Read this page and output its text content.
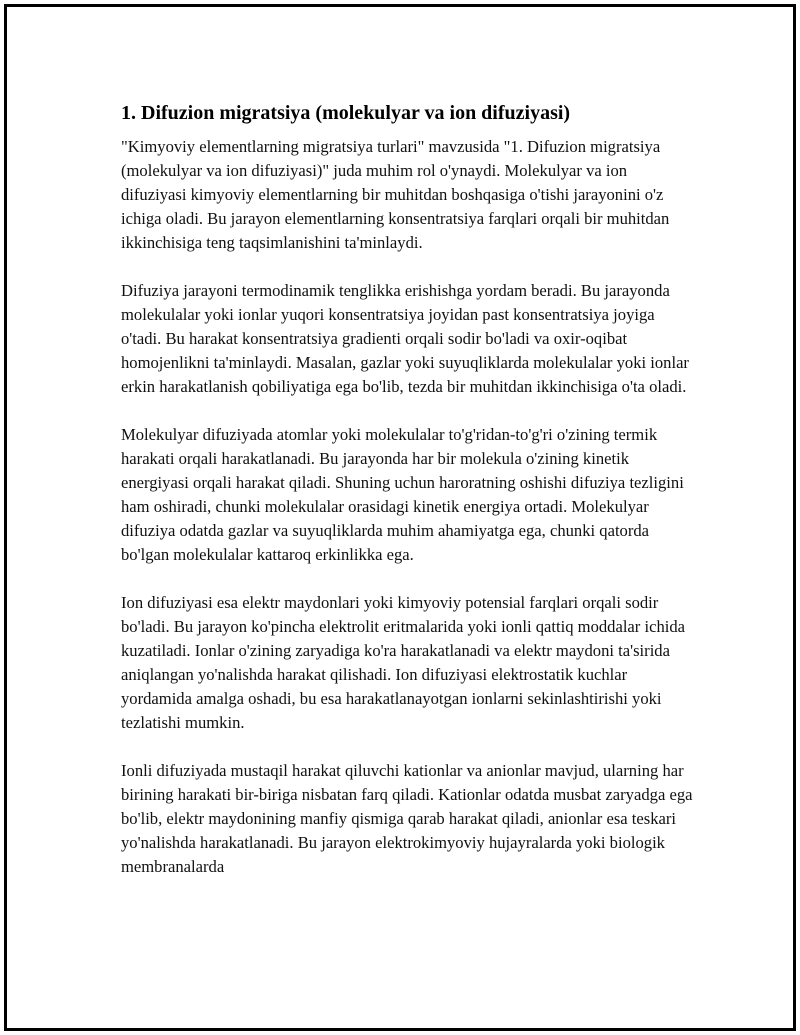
1. Difuzion migratsiya (molekulyar va ion difuziyasi)

"Kimyoviy elementlarning migratsiya turlari" mavzusida "1. Difuzion migratsiya (molekulyar va ion difuziyasi)" juda muhim rol o'ynaydi. Molekulyar va ion difuziyasi kimyoviy elementlarning bir muhitdan boshqasiga o'tishi jarayonini o'z ichiga oladi. Bu jarayon elementlarning konsentratsiya farqlari orqali bir muhitdan ikkinchisiga teng taqsimlanishini ta'minlaydi.

Difuziya jarayoni termodinamik tenglikka erishishga yordam beradi. Bu jarayonda molekulalar yoki ionlar yuqori konsentratsiya joyidan past konsentratsiya joyiga o'tadi. Bu harakat konsentratsiya gradienti orqali sodir bo'ladi va oxir-oqibat homojenlikni ta'minlaydi. Masalan, gazlar yoki suyuqliklarda molekulalar yoki ionlar erkin harakatlanish qobiliyatiga ega bo'lib, tezda bir muhitdan ikkinchisiga o'ta oladi.

Molekulyar difuziyada atomlar yoki molekulalar to'g'ridan-to'g'ri o'zining termik harakati orqali harakatlanadi. Bu jarayonda har bir molekula o'zining kinetik energiyasi orqali harakat qiladi. Shuning uchun haroratning oshishi difuziya tezligini ham oshiradi, chunki molekulalar orasidagi kinetik energiya ortadi. Molekulyar difuziya odatda gazlar va suyuqliklarda muhim ahamiyatga ega, chunki qatorda bo'lgan molekulalar kattaroq erkinlikka ega.

Ion difuziyasi esa elektr maydonlari yoki kimyoviy potensial farqlari orqali sodir bo'ladi. Bu jarayon ko'pincha elektrolit eritmalarida yoki ionli qattiq moddalar ichida kuzatiladi. Ionlar o'zining zaryadiga ko'ra harakatlanadi va elektr maydoni ta'sirida aniqlangan yo'nalishda harakat qilishadi. Ion difuziyasi elektrostatik kuchlar yordamida amalga oshadi, bu esa harakatlanayotgan ionlarni sekinlashtirishi yoki tezlatishi mumkin.

Ionli difuziyada mustaqil harakat qiluvchi kationlar va anionlar mavjud, ularning har birining harakati bir-biriga nisbatan farq qiladi. Kationlar odatda musbat zaryadga ega bo'lib, elektr maydonining manfiy qismiga qarab harakat qiladi, anionlar esa teskari yo'nalishda harakatlanadi. Bu jarayon elektrokimyoviy hujayralarda yoki biologik membranalarda
